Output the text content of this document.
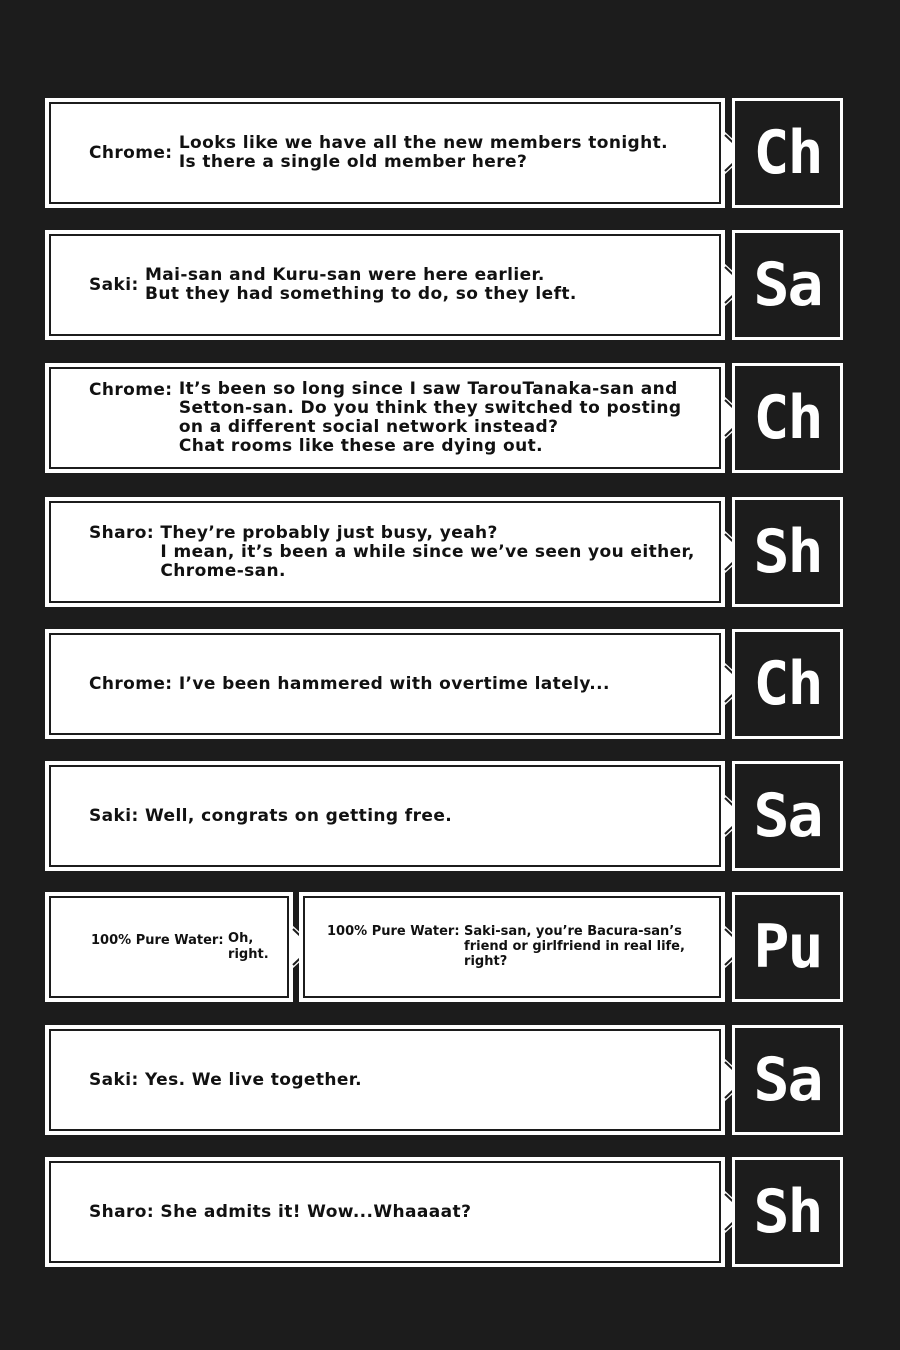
Chrome:
Looks like we have all the new members tonight.
Is there a single old member here?	Ch
Saki:
Mai-san and Kuru-san were here earlier.
But they had something to do, so they left.	Sa
Chrome:
It’s been so long since I saw TarouTanaka-san and
Setton-san. Do you think they switched to posting
on a different social network instead?
Chat rooms like these are dying out.	Ch
Sharo:
They’re probably just busy, yeah?
I mean, it’s been a while since we’ve seen you either,
Chrome-san.	Sh
Chrome:
I’ve been hammered with overtime lately...	Ch
Saki:
Well, congrats on getting free.	Sa
100% Pure Water:
Oh,
right.
100% Pure Water:
Saki-san, you’re Bacura-san’s
friend or girlfriend in real life,
right?	Pu
Saki:
Yes. We live together.	Sa
Sharo:
She admits it! Wow...Whaaaat?	Sh
